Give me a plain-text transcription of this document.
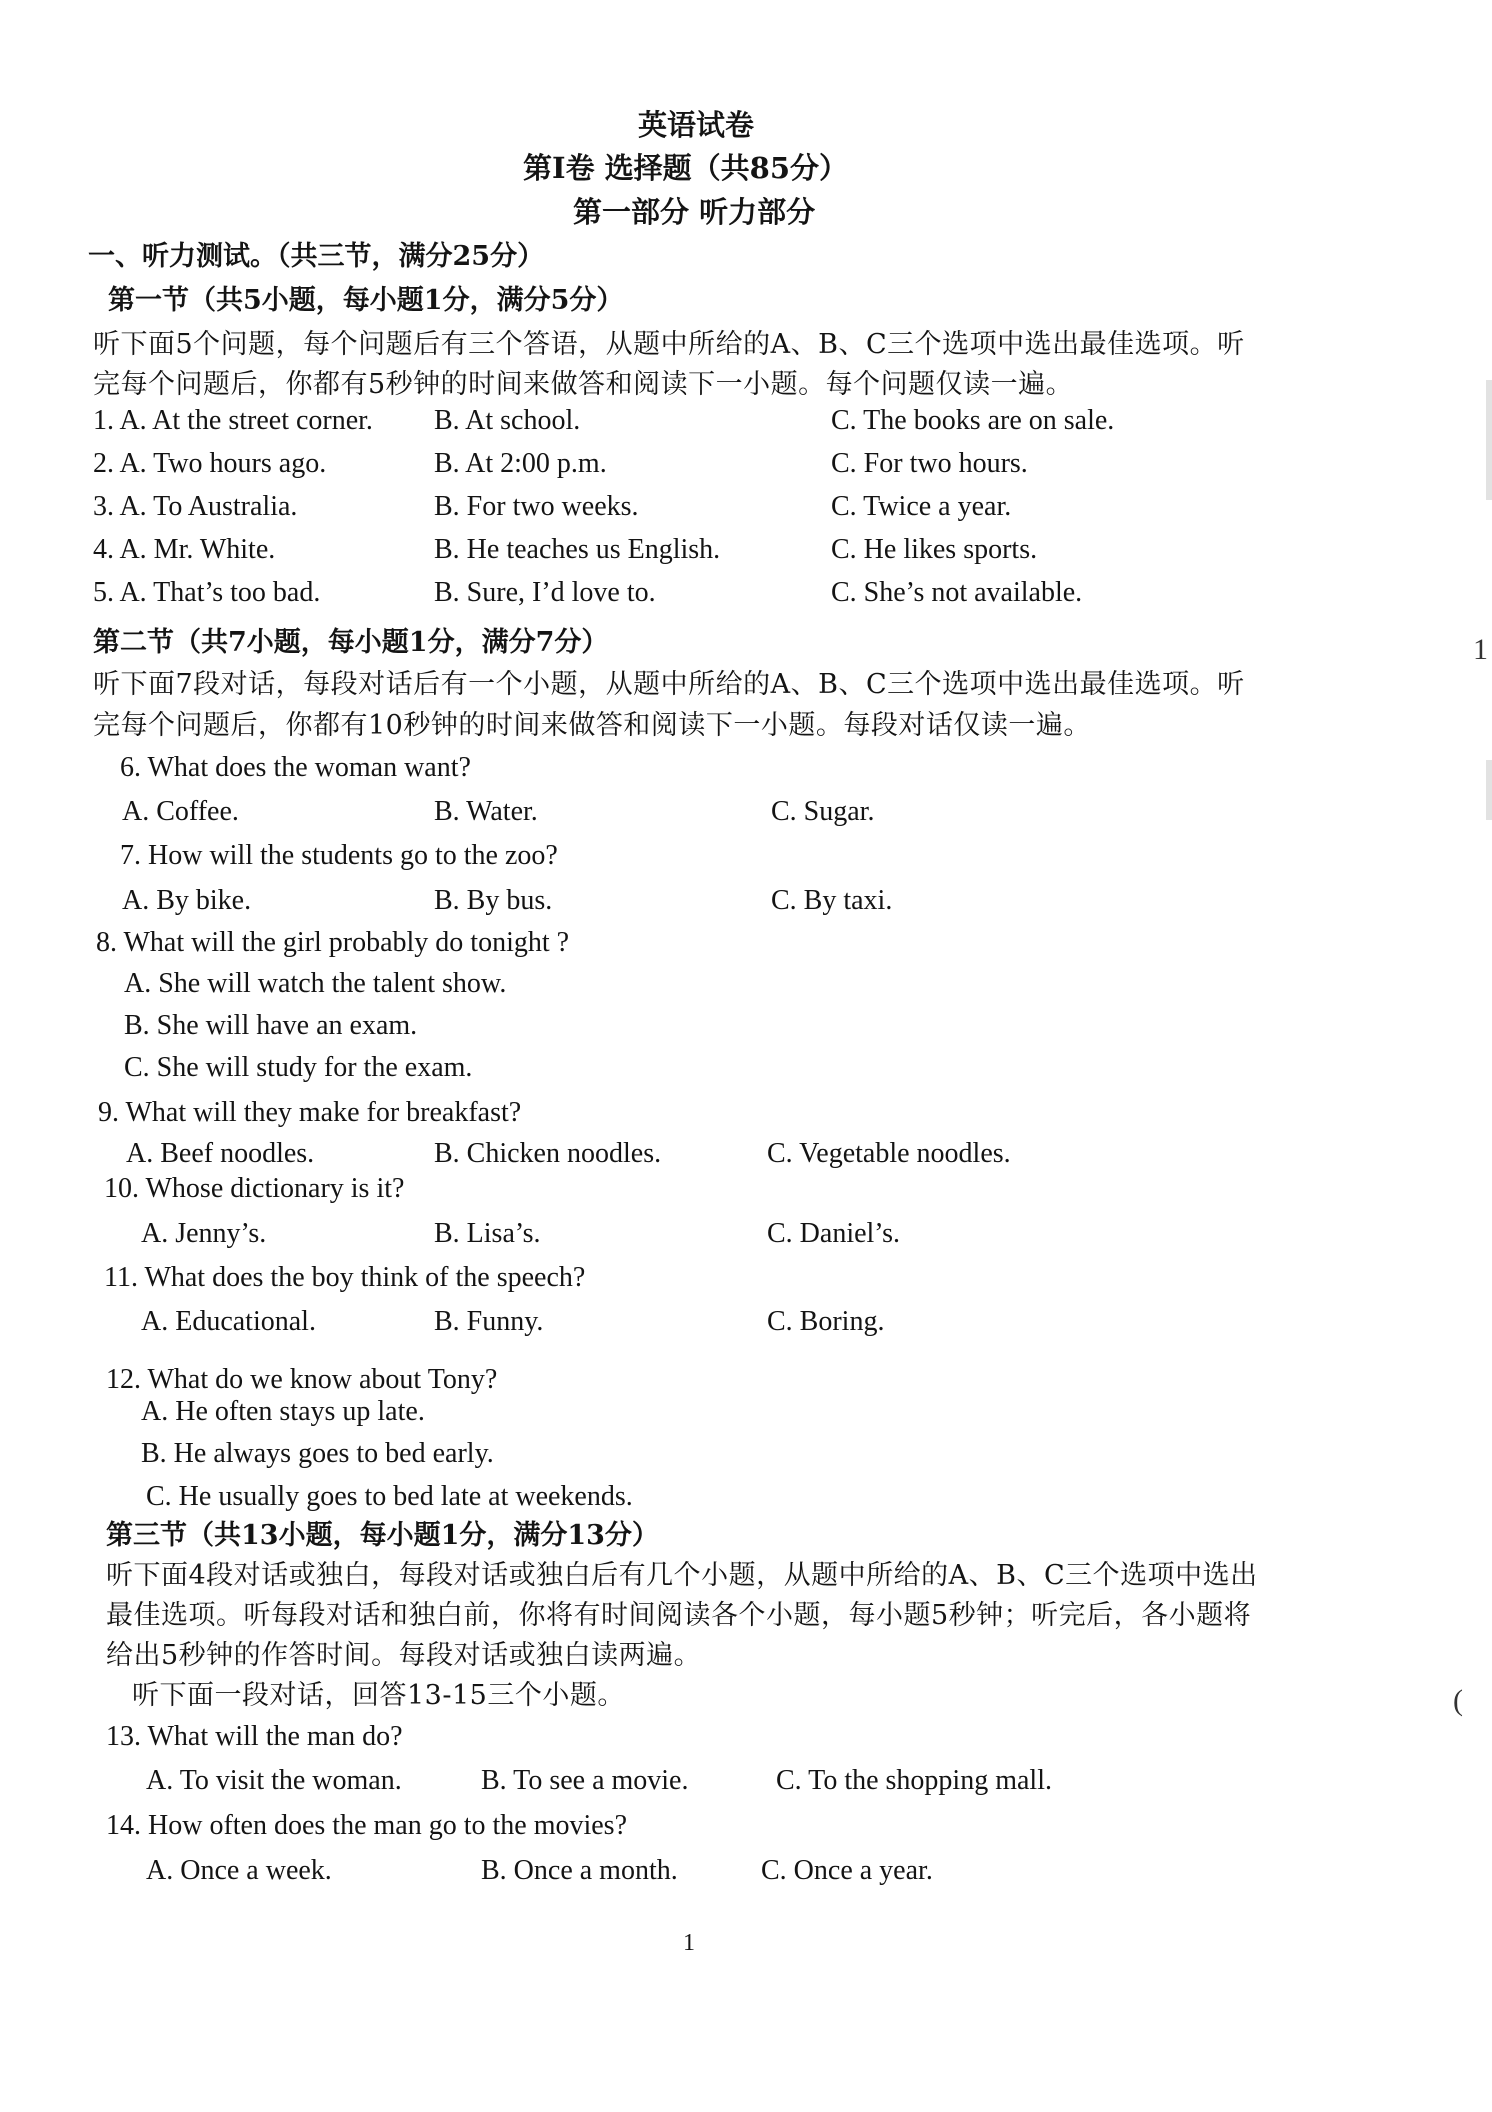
英语试卷
第Ⅰ卷 选择题（共85分）
第一部分 听力部分
一、听力测试。（共三节，满分25分）
第一节（共5小题，每小题1分，满分5分）
听下面5个问题，每个问题后有三个答语，从题中所给的A、B、C三个选项中选出最佳选项。听
完每个问题后，你都有5秒钟的时间来做答和阅读下一小题。每个问题仅读一遍。
1. A. At the street corner. B. At school.	C. The books are on sale.
2. A. Two hours ago.	B. At 2:00 p.m.	C. For two hours.
3. A. To Australia.	B. For two weeks.	C. Twice a year.
4. A. Mr. White.	B. He teaches us English.	C. He likes sports.
5. A. That’s too bad.	B. Sure, I’d love to.	C. She’s not available.
第二节（共7小题，每小题1分，满分7分）
听下面7段对话，每段对话后有一个小题，从题中所给的A、B、C三个选项中选出最佳选项。听
完每个问题后，你都有10秒钟的时间来做答和阅读下一小题。每段对话仅读一遍。
6. What does the woman want?
A. Coffee.	B. Water.	C. Sugar.
7. How will the students go to the zoo?
A. By bike.	B. By bus.	C. By taxi.
8. What will the girl probably do tonight ?
A. She will watch the talent show.
B. She will have an exam.
C. She will study for the exam.
9. What will they make for breakfast?
A. Beef noodles.	B. Chicken noodles.	C. Vegetable noodles.
10. Whose dictionary is it?
A. Jenny’s.	B. Lisa’s.	C. Daniel’s.
11. What does the boy think of the speech?
A. Educational.	B. Funny.	C. Boring.
12. What do we know about Tony?
A. He often stays up late.
B. He always goes to bed early.
C. He usually goes to bed late at weekends.
第三节（共13小题，每小题1分，满分13分）
听下面4段对话或独白，每段对话或独白后有几个小题，从题中所给的A、B、C三个选项中选出
最佳选项。听每段对话和独白前，你将有时间阅读各个小题，每小题5秒钟；听完后，各小题将
给出5秒钟的作答时间。每段对话或独白读两遍。
听下面一段对话，回答13-15三个小题。
13. What will the man do?
A. To visit the woman.	B. To see a movie.	C. To the shopping mall.
14. How often does the man go to the movies?
A. Once a week.	B. Once a month.	C. Once a year.
1
1
(
